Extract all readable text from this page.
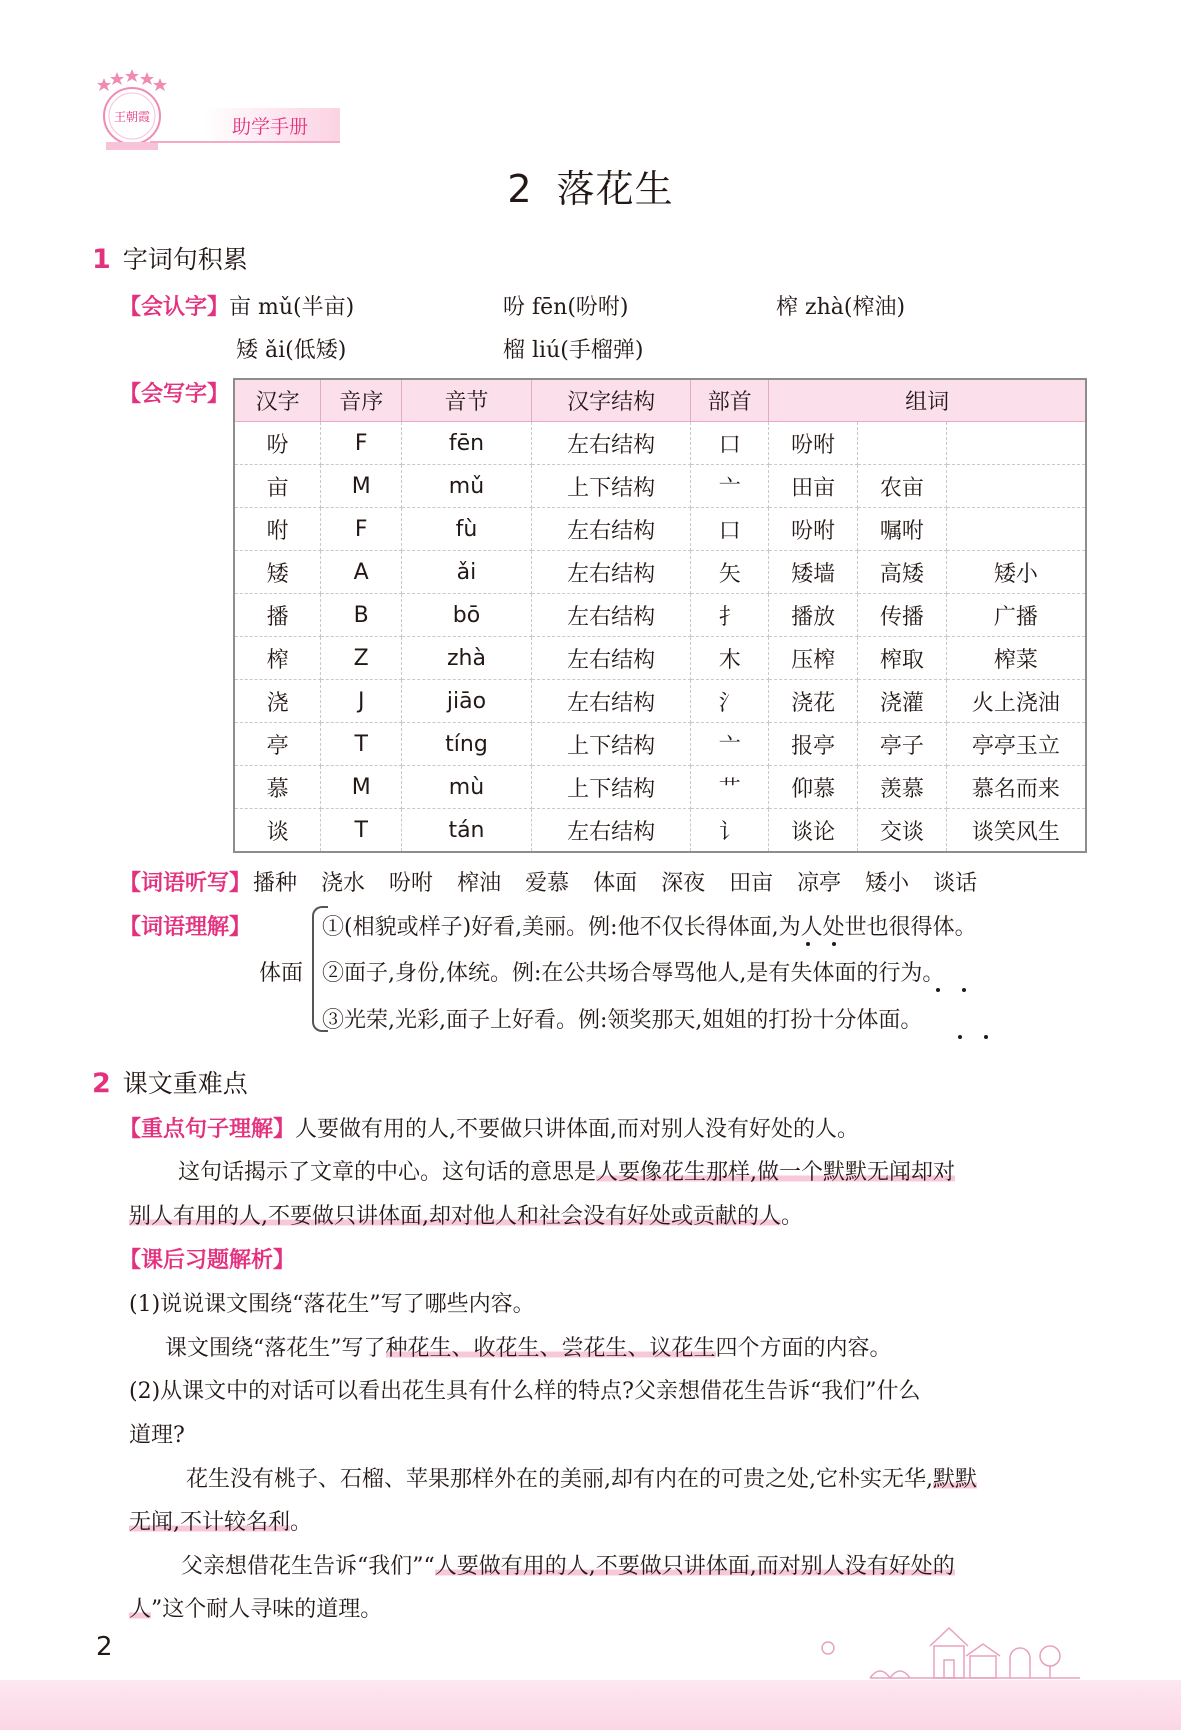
王朝霞	助学手册
2 落花生
1 字词句积累
【会认字】亩 mǔ(半亩)	吩 fēn(吩咐)	榨 zhà(榨油)
矮 ǎi(低矮)	榴 liú(手榴弹)
【会写字】 汉字	音序	音节	汉字结构	部首	组词		
吩	F	fēn	左右结构	口	吩咐		
亩	M	mǔ	上下结构	亠	田亩	农亩	
咐	F	fù	左右结构	口	吩咐	嘱咐	
矮	A	ǎi	左右结构	矢	矮墙	高矮	矮小
播	B	bō	左右结构	扌	播放	传播	广播
榨	Z	zhà	左右结构	木	压榨	榨取	榨菜
浇	J	jiāo	左右结构	氵	浇花	浇灌	火上浇油
亭	T	tíng	上下结构	亠	报亭	亭子	亭亭玉立
慕	M	mù	上下结构	艹	仰慕	羡慕	慕名而来
谈	T	tán	左右结构	讠	谈论	交谈	谈笑风生
【词语听写】播种 浇水 吩咐 榨油 爱慕 体面 深夜 田亩 凉亭 矮小 谈话
【词语理解】
体面
①(相貌或样子)好看,美丽。例:他不仅长得体面,为人处世也很得体。
②面子,身份,体统。例:在公共场合辱骂他人,是有失体面的行为。
③光荣,光彩,面子上好看。例:领奖那天,姐姐的打扮十分体面。
2 课文重难点
【重点句子理解】人要做有用的人,不要做只讲体面,而对别人没有好处的人。
这句话揭示了文章的中心。这句话的意思是人要像花生那样,做一个默默无闻却对
别人有用的人,不要做只讲体面,却对他人和社会没有好处或贡献的人。
【课后习题解析】
(1)说说课文围绕“落花生”写了哪些内容。
课文围绕“落花生”写了种花生、收花生、尝花生、议花生四个方面的内容。
(2)从课文中的对话可以看出花生具有什么样的特点?父亲想借花生告诉“我们”什么
道理?
花生没有桃子、石榴、苹果那样外在的美丽,却有内在的可贵之处,它朴实无华,默默
无闻,不计较名利。
父亲想借花生告诉“我们”“人要做有用的人,不要做只讲体面,而对别人没有好处的
人”这个耐人寻味的道理。
2
